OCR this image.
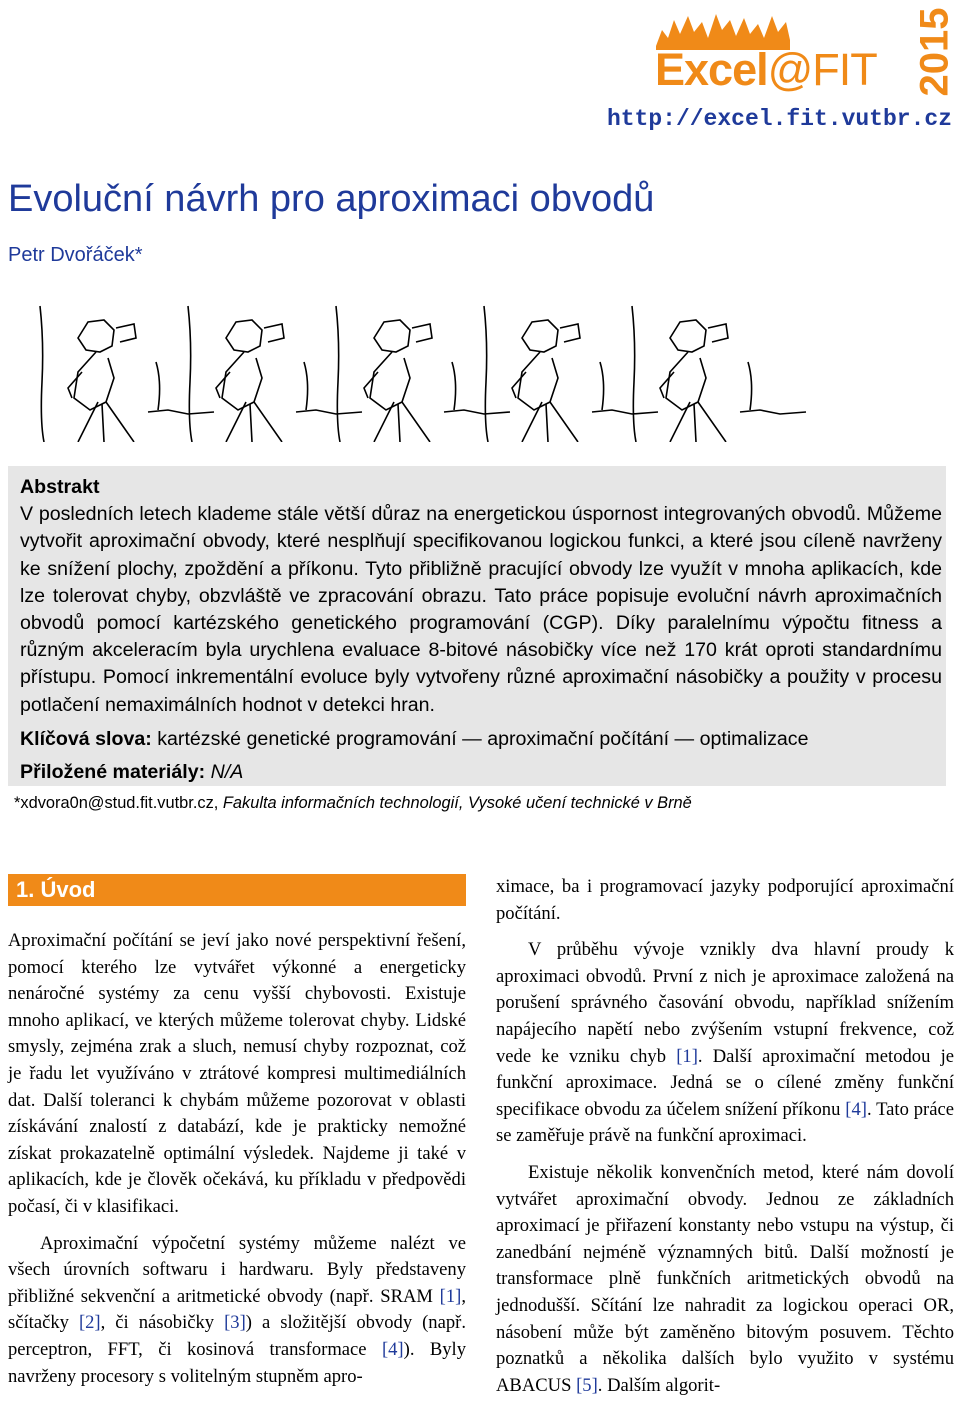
Excel@FIT 2015
http://excel.fit.vutbr.cz
Evoluční návrh pro aproximaci obvodů
Petr Dvořáček*
Abstrakt
V posledních letech klademe stále větší důraz na energetickou úspornost integrovaných obvodů. Můžeme vytvořit aproximační obvody, které nesplňují specifikovanou logickou funkci, a které jsou cíleně navrženy ke snížení plochy, zpoždění a příkonu. Tyto přibližně pracující obvody lze využít v mnoha aplikacích, kde lze tolerovat chyby, obzvláště ve zpracování obrazu. Tato práce popisuje evoluční návrh aproximačních obvodů pomocí kartézského genetického programování (CGP). Díky paralelnímu výpočtu fitness a různým akceleracím byla urychlena evaluace 8-bitové násobičky více než 170 krát oproti standardnímu přístupu. Pomocí inkrementální evoluce byly vytvořeny různé aproximační násobičky a použity v procesu potlačení nemaximálních hodnot v detekci hran.
Klíčová slova: kartézské genetické programování — aproximační počítání — optimalizace
Přiložené materiály: N/A
*xdvora0n@stud.fit.vutbr.cz, Fakulta informačních technologií, Vysoké učení technické v Brně
1. Úvod

Aproximační počítání se jeví jako nové perspektivní řešení, pomocí kterého lze vytvářet výkonné a energeticky nenáročné systémy za cenu vyšší chybovosti. Existuje mnoho aplikací, ve kterých můžeme tolerovat chyby. Lidské smysly, zejména zrak a sluch, nemusí chyby rozpoznat, což je řadu let využíváno v ztrátové kompresi multimediálních dat. Další toleranci k chybám můžeme pozorovat v oblasti získávání znalostí z databází, kde je prakticky nemožné získat prokazatelně optimální výsledek. Najdeme ji také v aplikacích, kde je člověk očekává, ku příkladu v předpovědi počasí, či v klasifikaci.

Aproximační výpočetní systémy můžeme nalézt ve všech úrovních softwaru i hardwaru. Byly představeny přibližné sekvenční a aritmetické obvody (např. SRAM [1], sčítačky [2], či násobičky [3]) a složitější obvody (např. perceptron, FFT, či kosinová transformace [4]). Byly navrženy procesory s volitelným stupněm apro-

ximace, ba i programovací jazyky podporující aproximační počítání.

V průběhu vývoje vznikly dva hlavní proudy k aproximaci obvodů. První z nich je aproximace založená na porušení správného časování obvodu, například snížením napájecího napětí nebo zvýšením vstupní frekvence, což vede ke vzniku chyb [1]. Další aproximační metodou je funkční aproximace. Jedná se o cílené změny funkční specifikace obvodu za účelem snížení příkonu [4]. Tato práce se zaměřuje právě na funkční aproximaci.

Existuje několik konvenčních metod, které nám dovolí vytvářet aproximační obvody. Jednou ze základních aproximací je přiřazení konstanty nebo vstupu na výstup, či zanedbání nejméně významných bitů. Další možností je transformace plně funkčních aritmetických obvodů na jednodušší. Sčítání lze nahradit za logickou operaci OR, násobení může být zaměněno bitovým posuvem. Těchto poznatků a několika dalších bylo využito v systému ABACUS [5]. Dalším algorit-
